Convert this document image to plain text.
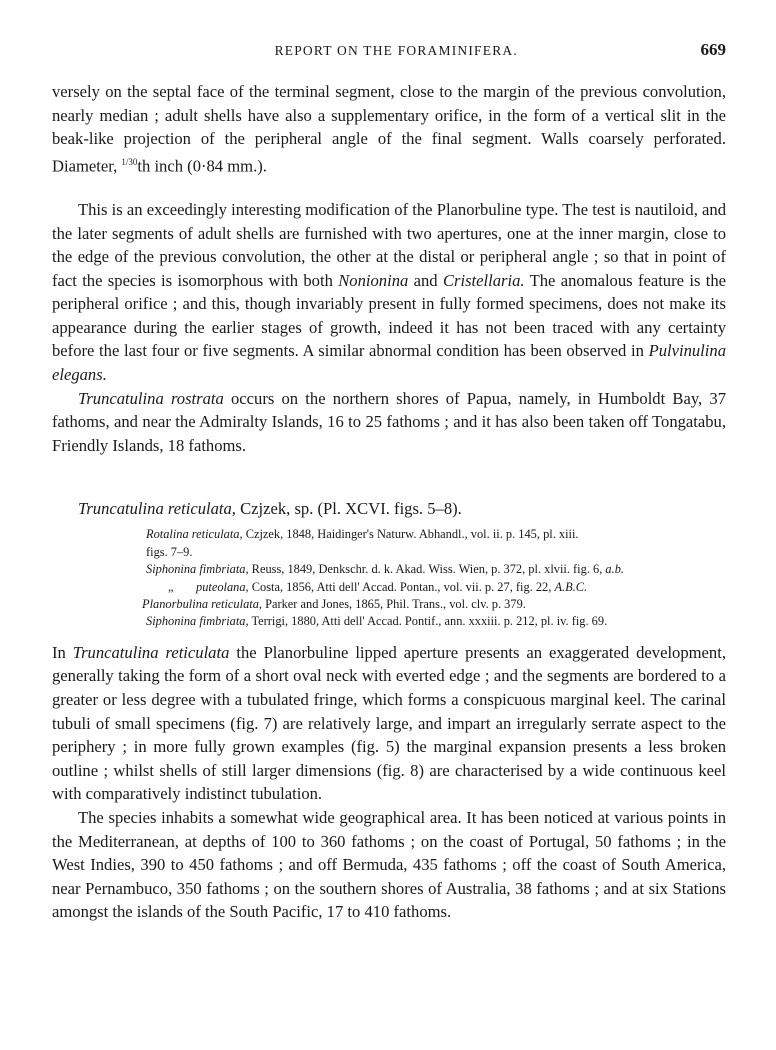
REPORT ON THE FORAMINIFERA.	669

versely on the septal face of the terminal segment, close to the margin of the previous convolution, nearly median ; adult shells have also a supplementary orifice, in the form of a vertical slit in the beak-like projection of the peripheral angle of the final segment. Walls coarsely perforated. Diameter, $^{1/30}$th inch (0·84 mm.).

This is an exceedingly interesting modification of the Planorbuline type. The test is nautiloid, and the later segments of adult shells are furnished with two apertures, one at the inner margin, close to the edge of the previous convolution, the other at the distal or peripheral angle ; so that in point of fact the species is isomorphous with both Nonionina and Cristellaria. The anomalous feature is the peripheral orifice ; and this, though invariably present in fully formed specimens, does not make its appearance during the earlier stages of growth, indeed it has not been traced with any certainty before the last four or five segments. A similar abnormal condition has been observed in Pulvinulina elegans.

Truncatulina rostrata occurs on the northern shores of Papua, namely, in Humboldt Bay, 37 fathoms, and near the Admiralty Islands, 16 to 25 fathoms ; and it has also been taken off Tongatabu, Friendly Islands, 18 fathoms.

Truncatulina reticulata, Czjzek, sp. (Pl. XCVI. figs. 5–8).

Rotalina reticulata, Czjzek, 1848, Haidinger's Naturw. Abhandl., vol. ii. p. 145, pl. xiii.
figs. 7–9.
Siphonina fimbriata, Reuss, 1849, Denkschr. d. k. Akad. Wiss. Wien, p. 372, pl. xlvii. fig. 6, a.b.
„ puteolana, Costa, 1856, Atti dell' Accad. Pontan., vol. vii. p. 27, fig. 22, A.B.C.
Planorbulina reticulata, Parker and Jones, 1865, Phil. Trans., vol. clv. p. 379.
Siphonina fimbriata, Terrigi, 1880, Atti dell' Accad. Pontif., ann. xxxiii. p. 212, pl. iv. fig. 69.

In Truncatulina reticulata the Planorbuline lipped aperture presents an exaggerated development, generally taking the form of a short oval neck with everted edge ; and the segments are bordered to a greater or less degree with a tubulated fringe, which forms a conspicuous marginal keel. The carinal tubuli of small specimens (fig. 7) are relatively large, and impart an irregularly serrate aspect to the periphery ; in more fully grown examples (fig. 5) the marginal expansion presents a less broken outline ; whilst shells of still larger dimensions (fig. 8) are characterised by a wide continuous keel with comparatively indistinct tubulation.

The species inhabits a somewhat wide geographical area. It has been noticed at various points in the Mediterranean, at depths of 100 to 360 fathoms ; on the coast of Portugal, 50 fathoms ; in the West Indies, 390 to 450 fathoms ; and off Bermuda, 435 fathoms ; off the coast of South America, near Pernambuco, 350 fathoms ; on the southern shores of Australia, 38 fathoms ; and at six Stations amongst the islands of the South Pacific, 17 to 410 fathoms.
